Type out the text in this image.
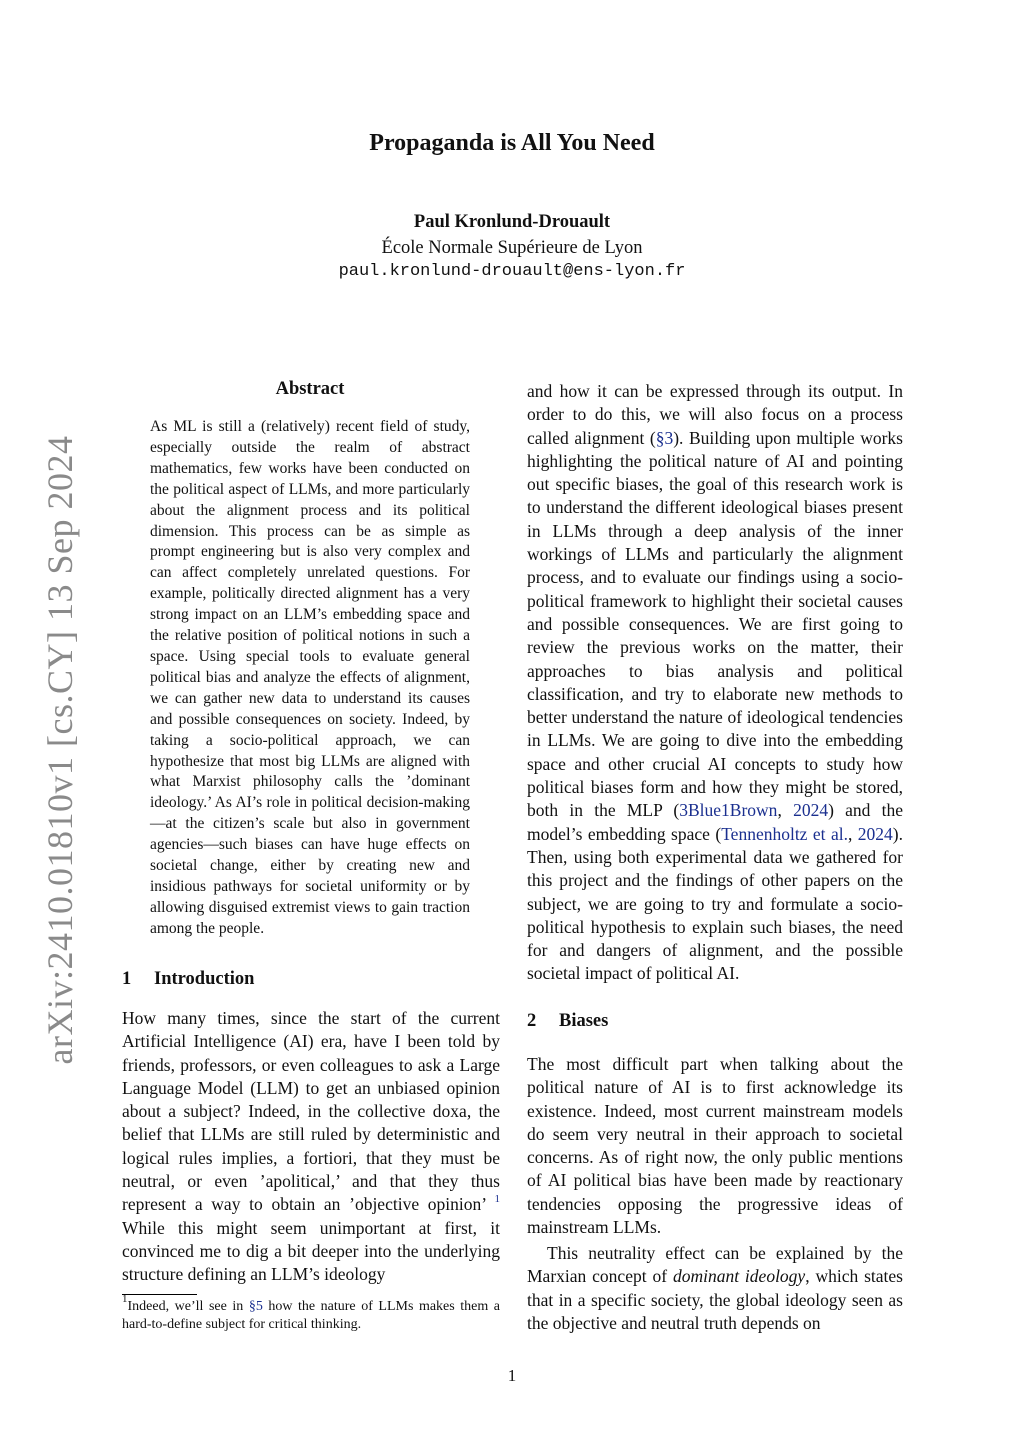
Propaganda is All You Need
Paul Kronlund-Drouault
École Normale Supérieure de Lyon
paul.kronlund-drouault@ens-lyon.fr
arXiv:2410.01810v1 [cs.CY] 13 Sep 2024
Abstract
As ML is still a (relatively) recent field of study, especially outside the realm of abstract mathematics, few works have been conducted on the political aspect of LLMs, and more particularly about the alignment process and its political dimension. This process can be as simple as prompt engineering but is also very complex and can affect completely unrelated questions. For example, politically directed alignment has a very strong impact on an LLM’s embedding space and the relative position of political notions in such a space. Using special tools to evaluate general political bias and analyze the effects of alignment, we can gather new data to understand its causes and possible consequences on society. Indeed, by taking a socio-political approach, we can hypothesize that most big LLMs are aligned with what Marxist philosophy calls the ’dominant ideology.’ As AI’s role in political decision-making—at the citizen’s scale but also in government agencies—such biases can have huge effects on societal change, either by creating new and insidious pathways for societal uniformity or by allowing disguised extremist views to gain traction among the people.
1 Introduction
How many times, since the start of the current Artificial Intelligence (AI) era, have I been told by friends, professors, or even colleagues to ask a Large Language Model (LLM) to get an unbiased opinion about a subject? Indeed, in the collective doxa, the belief that LLMs are still ruled by deterministic and logical rules implies, a fortiori, that they must be neutral, or even ’apolitical,’ and that they thus represent a way to obtain an ’objective opinion’ $^1$ While this might seem unimportant at first, it convinced me to dig a bit deeper into the underlying structure defining an LLM’s ideology
$^1$Indeed, we’ll see in §5 how the nature of LLMs makes them a hard-to-define subject for critical thinking.
and how it can be expressed through its output. In order to do this, we will also focus on a process called alignment (§3). Building upon multiple works highlighting the political nature of AI and pointing out specific biases, the goal of this research work is to understand the different ideological biases present in LLMs through a deep analysis of the inner workings of LLMs and particularly the alignment process, and to evaluate our findings using a socio-political framework to highlight their societal causes and possible consequences. We are first going to review the previous works on the matter, their approaches to bias analysis and political classification, and try to elaborate new methods to better understand the nature of ideological tendencies in LLMs. We are going to dive into the embedding space and other crucial AI concepts to study how political biases form and how they might be stored, both in the MLP (3Blue1Brown, 2024) and the model’s embedding space (Tennenholtz et al., 2024). Then, using both experimental data we gathered for this project and the findings of other papers on the subject, we are going to try and formulate a socio-political hypothesis to explain such biases, the need for and dangers of alignment, and the possible societal impact of political AI.
2 Biases
The most difficult part when talking about the political nature of AI is to first acknowledge its existence. Indeed, most current mainstream models do seem very neutral in their approach to societal concerns. As of right now, the only public mentions of AI political bias have been made by reactionary tendencies opposing the progressive ideas of mainstream LLMs.
This neutrality effect can be explained by the Marxian concept of dominant ideology, which states that in a specific society, the global ideology seen as the objective and neutral truth depends on
1
